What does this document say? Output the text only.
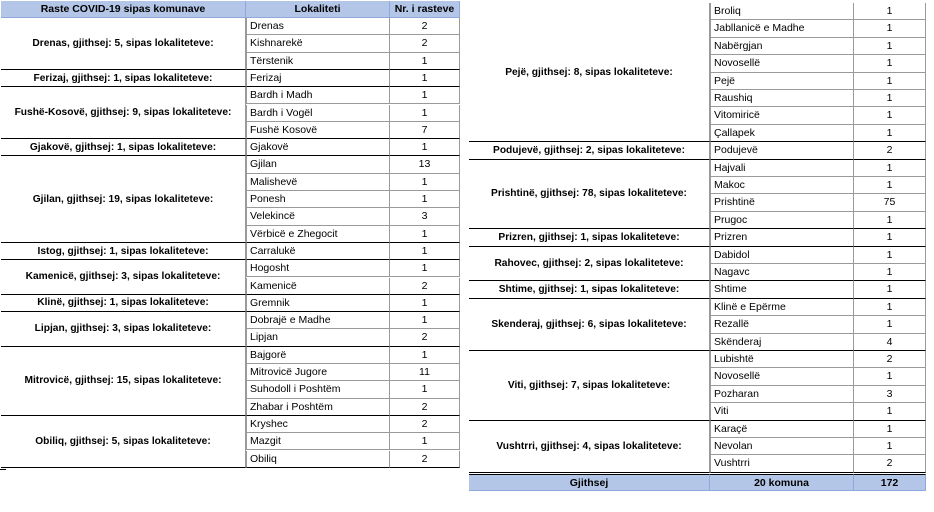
Raste COVID-19 sipas komunave	Lokaliteti	Nr. i rasteve
Drenas, gjithsej: 5, sipas lokaliteteve:
Drenas	2
Kishnarekë	2
Tërstenik	1
Ferizaj, gjithsej: 1, sipas lokaliteteve:	Ferizaj	1
Fushë-Kosovë, gjithsej: 9, sipas lokaliteteve:
Bardh i Madh	1
Bardh i Vogël	1
Fushë Kosovë	7
Gjakovë, gjithsej: 1, sipas lokaliteteve:	Gjakovë	1
Gjilan, gjithsej: 19, sipas lokaliteteve:
Gjilan	13
Malishevë	1
Ponesh	1
Velekincë	3
Vërbicë e Zhegocit	1
Istog, gjithsej: 1, sipas lokaliteteve:	Carralukë	1
Kamenicë, gjithsej: 3, sipas lokaliteteve:
Hogosht	1
Kamenicë	2
Klinë, gjithsej: 1, sipas lokaliteteve:	Gremnik	1
Lipjan, gjithsej: 3, sipas lokaliteteve:
Dobrajë e Madhe	1
Lipjan	2
Mitrovicë, gjithsej: 15, sipas lokaliteteve:
Bajgorë	1
Mitrovicë Jugore	11
Suhodoll i Poshtëm	1
Zhabar i Poshtëm	2
Obiliq, gjithsej: 5, sipas lokaliteteve:
Kryshec	2
Mazgit	1
Obiliq	2
Pejë, gjithsej: 8, sipas lokaliteteve:
Broliq	1
Jabllanicë e Madhe	1
Nabërgjan	1
Novosellë	1
Pejë	1
Raushiq	1
Vitomiricë	1
Çallapek	1
Podujevë, gjithsej: 2, sipas lokaliteteve:	Podujevë	2
Prishtinë, gjithsej: 78, sipas lokaliteteve:
Hajvali	1
Makoc	1
Prishtinë	75
Prugoc	1
Prizren, gjithsej: 1, sipas lokaliteteve:	Prizren	1
Rahovec, gjithsej: 2, sipas lokaliteteve:
Dabidol	1
Nagavc	1
Shtime, gjithsej: 1, sipas lokaliteteve:	Shtime	1
Skenderaj, gjithsej: 6, sipas lokaliteteve:
Klinë e Epërme	1
Rezallë	1
Skënderaj	4
Viti, gjithsej: 7, sipas lokaliteteve:
Lubishtë	2
Novosellë	1
Pozharan	3
Viti	1
Vushtrri, gjithsej: 4, sipas lokaliteteve:
Karaçë	1
Nevolan	1
Vushtrri	2
Gjithsej	20 komuna	172
